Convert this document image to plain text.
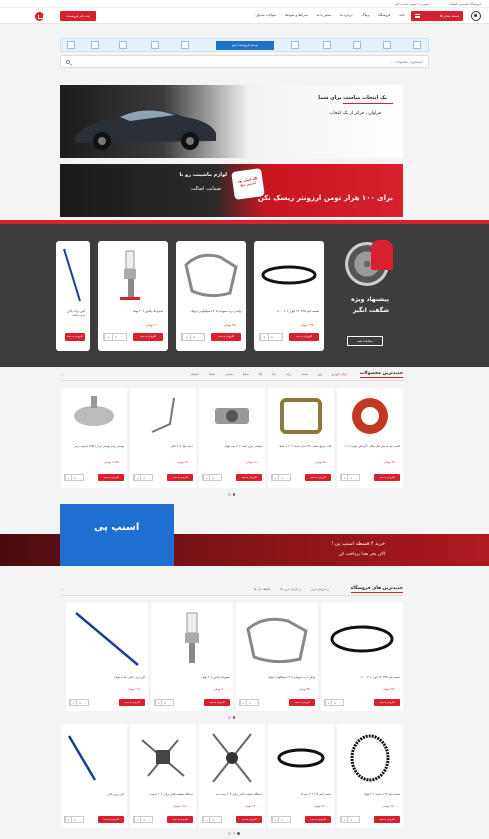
فروشگاه تخصصی قطعات
سوپری | تسویه حساب کنید
دسته بندی ها
خانه
فروشگاه
وبلاگ
درباره ما
تماس با ما
شرایط و ضوابط
سوالات متداول
ثبت نام فروشنده
تو هم فروشنده شو
جستجوی محصولات ...
یک انتخاب مناسب برای شما
فراوان ، فراتر از یک انتخاب
برای ۱۰۰ هزار تومن ارزونتر ریسک نکن
اگه اصل بود اسپی بیچ
لوازم ماشینت رو با
ضمانت اصالت
پیشنهاد ویژه
شگفت انگیز
مشاهده همه
تسمه تایم ۱۴۰۲۳۵ اتو ژ ۲۰۶ ۱۱۰۰
۲۹۷,۰۰۰ تومان
افزودن به سبد
-
1
+
واشر درب سوپاپ ۴۰۵ (سیلیکونی) توتک
۳۵,۰۰۰ تومان
افزودن به سبد
-
1
+
شمع تک پلاتین ۲۰۶ توتک
۹۰,۰۰۰ تومان
افزودن به سبد
-
1
+
آنتن برف پاکن درب عقب
افزودن به سبد
جدیدترین محصولات
ایران خودرو
پژو
سمند
پراید
تیبا
کیا
سایپا
شیمی
ساینا
متفرقه
‹ ›
کاسه نمد ته میل لنگ پیکان (گردیش تیوپ) ۲۰۶
۴۷,۰۰۰ تومان
افزودن به سبد
-
1
+
قاب چراغ سقف (۳۲ مدل جدید) ۲۰۶ ته تسلا
۹۸,۰۰۰ تومان
افزودن به سبد
-
1
+
سیلندر چرخ عقب ۲۰۶ چپ توتک
۱۸,۰۰۰ تومان
افزودن به سبد
-
1
+
دسته پنگ ۴۰۵ لنگر
۲۷,۰۰۰ تومان
افزودن به سبد
-
1
+
بوستر ترمز بوستر ترمز (۳۵۲) با پمپ ترمز
۱,۲۷۵,۰۰۰ تومان
افزودن به سبد
-
1
+
خرید ۴ قسطه اسنپ پی !
الان بخر بعدا پرداخت کن
اسنپ پی
جدیدترین های فروشگاه
پر فروش ترین
پر بازدید ترین ها
تخفیف دار ها
‹ ›
تسمه تایم ۱۴۰۲۳۵ اتو ژ ۲۰۶ ۱۱۰۰
۲۹۷,۰۰۰ تومان
افزودن به سبد
-
1
+
واشر درب سوپاپ ۴۰۵ (سیلیکونی) توتک
۳۵,۰۰۰ تومان
افزودن به سبد
-
1
+
شمع تک پلاتین ۲۰۶ توتک
۹۰,۰۰۰ تومان
افزودن به سبد
-
1
+
آنتن برف پاکن راننده توتک
۱۲۸,۰۰۰ تومان
افزودن به سبد
-
1
+
تسمه تایم ۱۳۷ دندانه ۲۰۶ توتک
۲۷۰,۰۰۰ تومان
افزودن به سبد
-
1
+
تسمه تایم ۱۳۷ ۲۰۶ تیپ ۵
۲۸۰,۰۰۰ تومان
افزودن به سبد
-
1
+
دستگاه شیشه بالابر برقی ۲۰۶ چپ دنده
۲۴۰,۰۰۰ تومان
افزودن به سبد
-
1
+
دستگاه شیشه بالابر برقی ۲۰۶ راست
۱,۲۸۰,۰۰۰ تومان
افزودن به سبد
-
1
+
آنتن برف پاکن
افزودن به سبد
-
1
+
